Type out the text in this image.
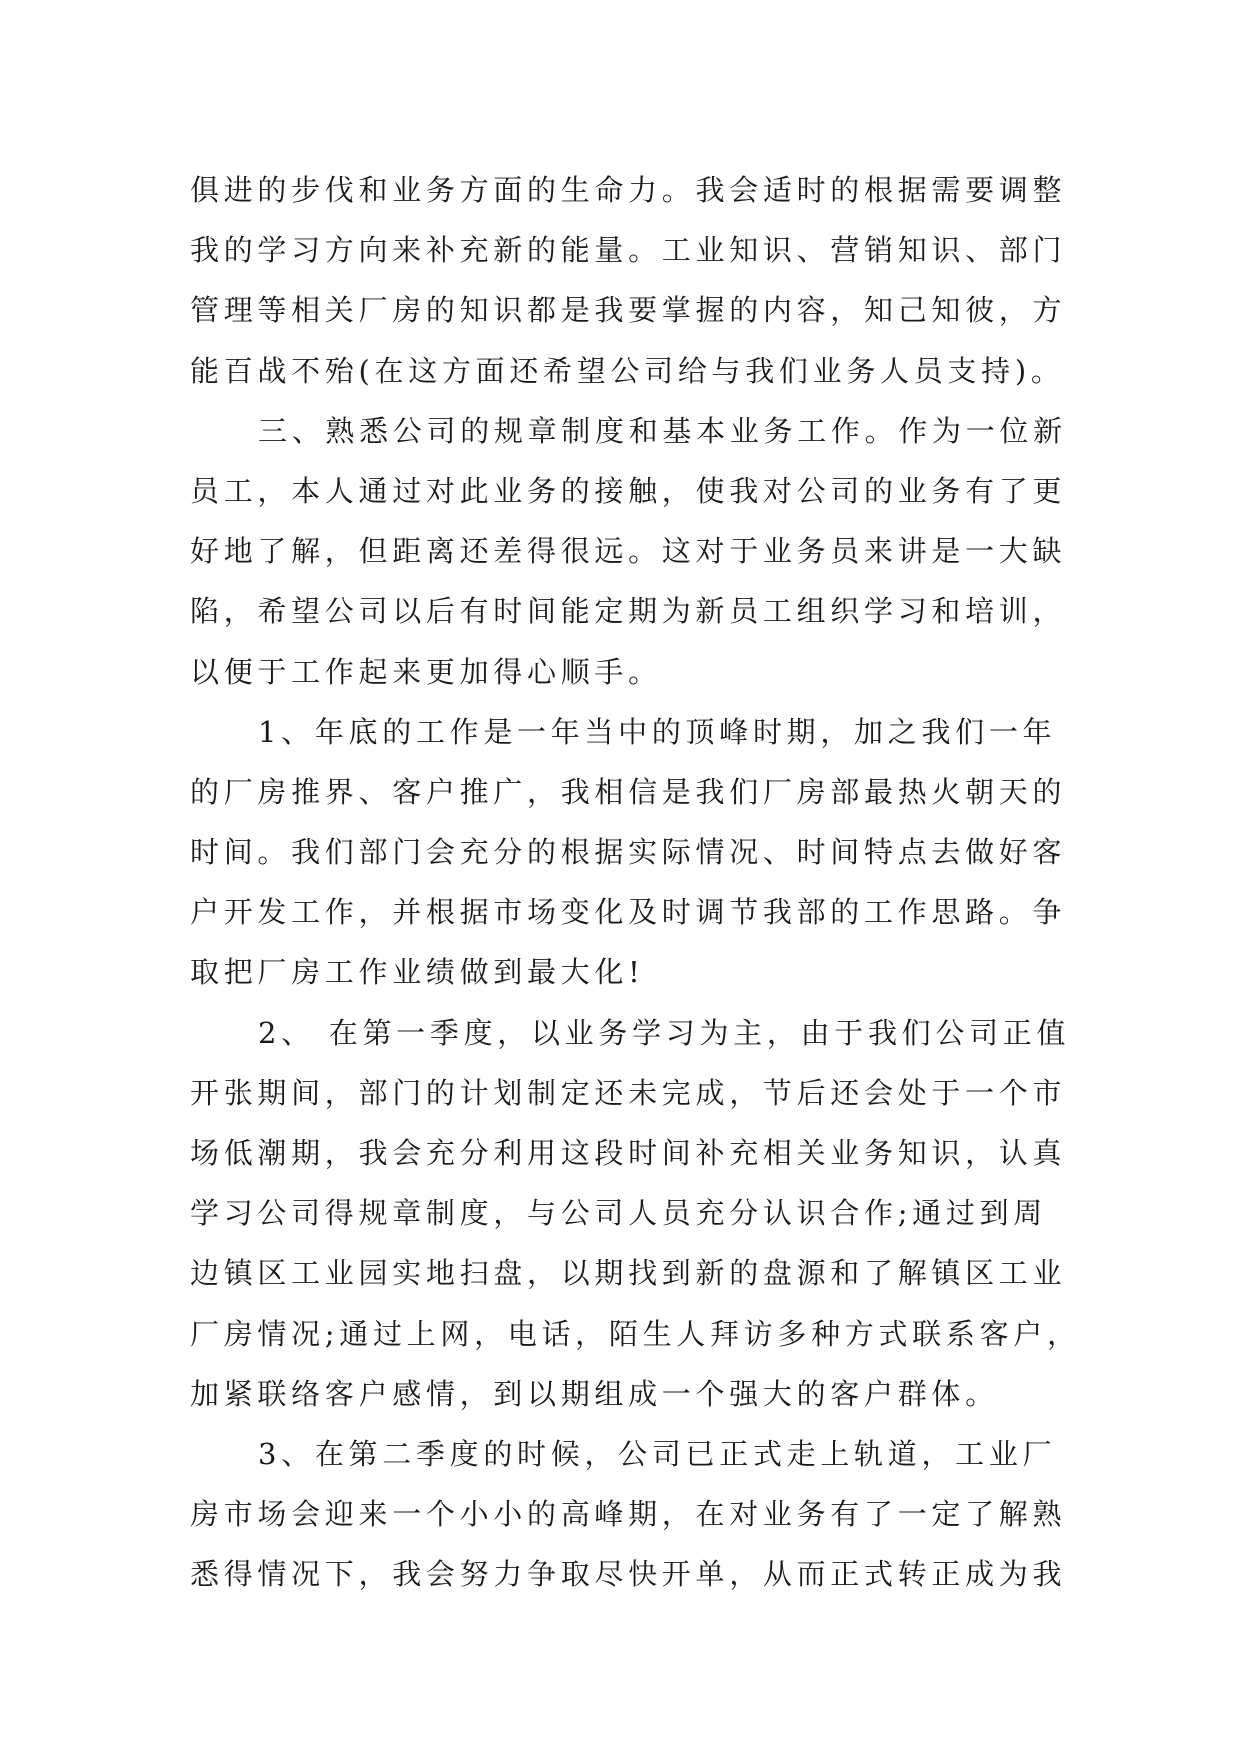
俱进的步伐和业务方面的生命力。我会适时的根据需要调整
我的学习方向来补充新的能量。工业知识、营销知识、部门
管理等相关厂房的知识都是我要掌握的内容，知己知彼，方
能百战不殆(在这方面还希望公司给与我们业务人员支持)。
三、熟悉公司的规章制度和基本业务工作。作为一位新
员工，本人通过对此业务的接触，使我对公司的业务有了更
好地了解，但距离还差得很远。这对于业务员来讲是一大缺
陷，希望公司以后有时间能定期为新员工组织学习和培训，
以便于工作起来更加得心顺手。
1、年底的工作是一年当中的顶峰时期，加之我们一年
的厂房推界、客户推广，我相信是我们厂房部最热火朝天的
时间。我们部门会充分的根据实际情况、时间特点去做好客
户开发工作，并根据市场变化及时调节我部的工作思路。争
取把厂房工作业绩做到最大化!
2、 在第一季度，以业务学习为主，由于我们公司正值
开张期间，部门的计划制定还未完成，节后还会处于一个市
场低潮期，我会充分利用这段时间补充相关业务知识，认真
学习公司得规章制度，与公司人员充分认识合作;通过到周
边镇区工业园实地扫盘，以期找到新的盘源和了解镇区工业
厂房情况;通过上网，电话，陌生人拜访多种方式联系客户，
加紧联络客户感情，到以期组成一个强大的客户群体。
3、在第二季度的时候，公司已正式走上轨道，工业厂
房市场会迎来一个小小的高峰期，在对业务有了一定了解熟
悉得情况下，我会努力争取尽快开单，从而正式转正成为我
